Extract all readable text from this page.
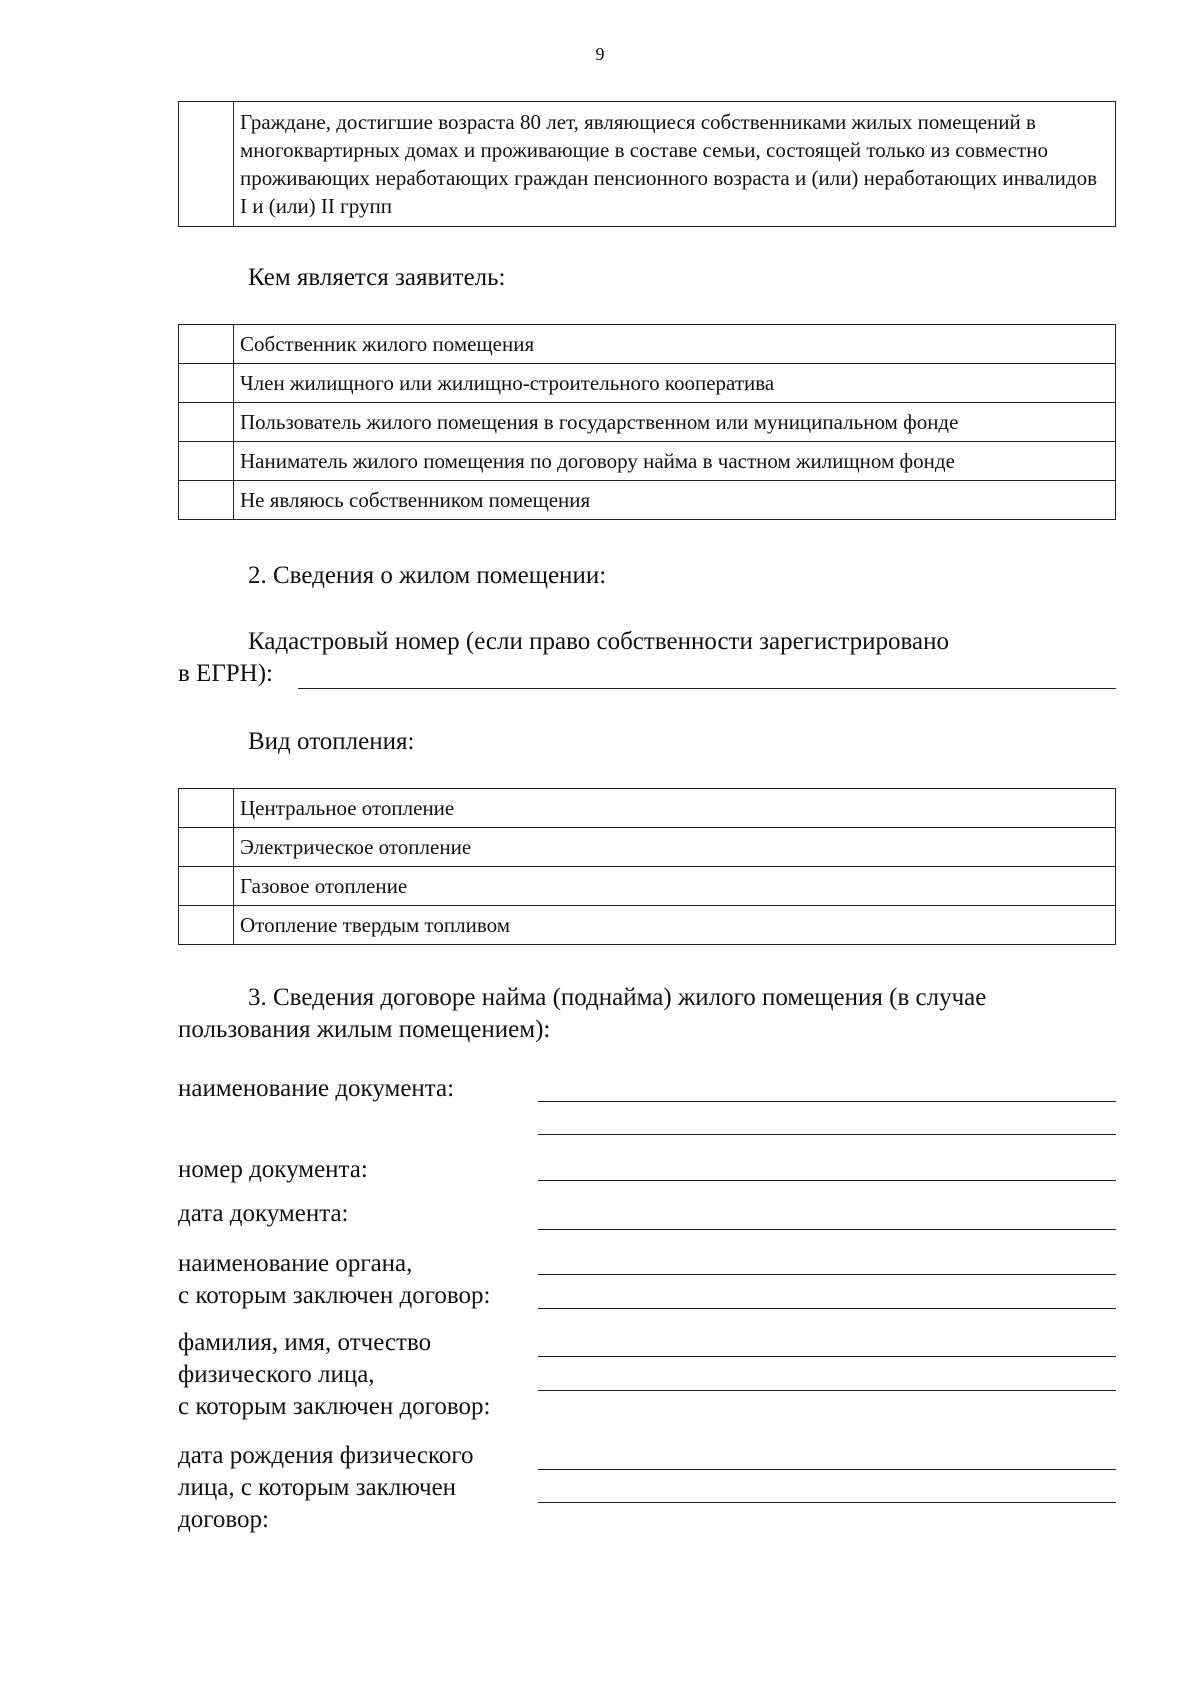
9
	Граждане, достигшие возраста 80 лет, являющиеся собственниками жилых помещений в многоквартирных домах и проживающие в составе семьи, состоящей только из совместно проживающих неработающих граждан пенсионного возраста и (или) неработающих инвалидов I и (или) II групп

Кем является заявитель:

	Собственник жилого помещения
	Член жилищного или жилищно-строительного кооператива
	Пользователь жилого помещения в государственном или муниципальном фонде
	Наниматель жилого помещения по договору найма в частном жилищном фонде
	Не являюсь собственником помещения

2. Сведения о жилом помещении:

Кадастровый номер (если право собственности зарегистрировано

в ЕГРН):

Вид отопления:

	Центральное отопление
	Электрическое отопление
	Газовое отопление
	Отопление твердым топливом

3. Сведения договоре найма (поднайма) жилого помещения (в случае

пользования жилым помещением):

наименование документа:

номер документа:

дата документа:

наименование органа,

с которым заключен договор:

фамилия, имя, отчество

физического лица,

с которым заключен договор:

дата рождения физического

лица, с которым заключен

договор:
